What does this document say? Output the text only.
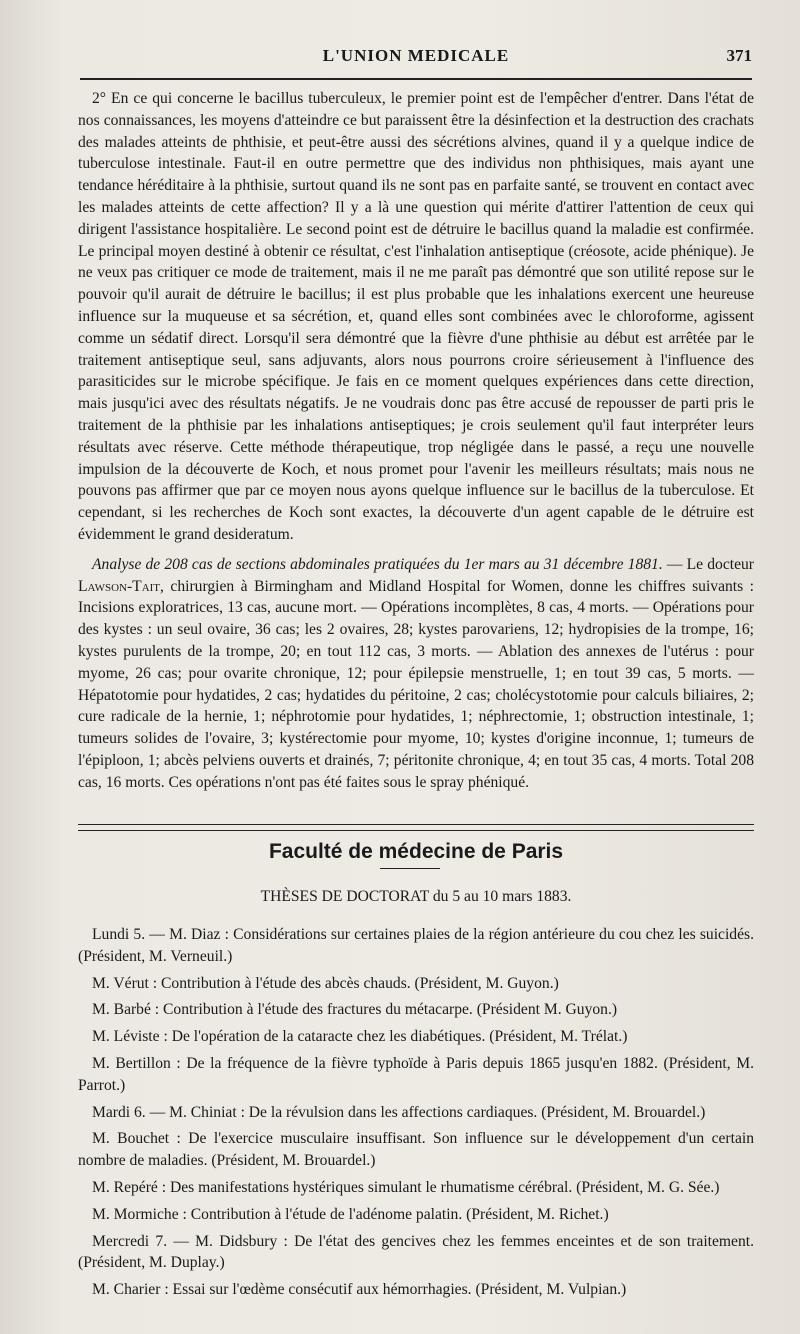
L'UNION MEDICALE	371

2° En ce qui concerne le bacillus tuberculeux, le premier point est de l'empêcher d'entrer. Dans l'état de nos connaissances, les moyens d'atteindre ce but paraissent être la désinfection et la destruction des crachats des malades atteints de phthisie, et peut-être aussi des sécrétions alvines, quand il y a quelque indice de tuberculose intestinale. Faut-il en outre permettre que des individus non phthisiques, mais ayant une tendance héréditaire à la phthisie, surtout quand ils ne sont pas en parfaite santé, se trouvent en contact avec les malades atteints de cette affection? Il y a là une question qui mérite d'attirer l'attention de ceux qui dirigent l'assistance hospitalière. Le second point est de détruire le bacillus quand la maladie est confirmée. Le principal moyen destiné à obtenir ce résultat, c'est l'inhalation antiseptique (créosote, acide phénique). Je ne veux pas critiquer ce mode de traitement, mais il ne me paraît pas démontré que son utilité repose sur le pouvoir qu'il aurait de détruire le bacillus; il est plus probable que les inhalations exercent une heureuse influence sur la muqueuse et sa sécrétion, et, quand elles sont combinées avec le chloroforme, agissent comme un sédatif direct. Lorsqu'il sera démontré que la fièvre d'une phthisie au début est arrêtée par le traitement antiseptique seul, sans adjuvants, alors nous pourrons croire sérieusement à l'influence des parasiticides sur le microbe spécifique. Je fais en ce moment quelques expériences dans cette direction, mais jusqu'ici avec des résultats négatifs. Je ne voudrais donc pas être accusé de repousser de parti pris le traitement de la phthisie par les inhalations antiseptiques; je crois seulement qu'il faut interpréter leurs résultats avec réserve. Cette méthode thérapeutique, trop négligée dans le passé, a reçu une nouvelle impulsion de la découverte de Koch, et nous promet pour l'avenir les meilleurs résultats; mais nous ne pouvons pas affirmer que par ce moyen nous ayons quelque influence sur le bacillus de la tuberculose. Et cependant, si les recherches de Koch sont exactes, la découverte d'un agent capable de le détruire est évidemment le grand desideratum.

Analyse de 208 cas de sections abdominales pratiquées du 1er mars au 31 décembre 1881. — Le docteur Lawson-Tait, chirurgien à Birmingham and Midland Hospital for Women, donne les chiffres suivants : Incisions exploratrices, 13 cas, aucune mort. — Opérations incomplètes, 8 cas, 4 morts. — Opérations pour des kystes : un seul ovaire, 36 cas; les 2 ovaires, 28; kystes parovariens, 12; hydropisies de la trompe, 16; kystes purulents de la trompe, 20; en tout 112 cas, 3 morts. — Ablation des annexes de l'utérus : pour myome, 26 cas; pour ovarite chronique, 12; pour épilepsie menstruelle, 1; en tout 39 cas, 5 morts. — Hépatotomie pour hydatides, 2 cas; hydatides du péritoine, 2 cas; cholécystotomie pour calculs biliaires, 2; cure radicale de la hernie, 1; néphrotomie pour hydatides, 1; néphrectomie, 1; obstruction intestinale, 1; tumeurs solides de l'ovaire, 3; kystérectomie pour myome, 10; kystes d'origine inconnue, 1; tumeurs de l'épiploon, 1; abcès pelviens ouverts et drainés, 7; péritonite chronique, 4; en tout 35 cas, 4 morts. Total 208 cas, 16 morts. Ces opérations n'ont pas été faites sous le spray phéniqué.

Faculté de médecine de Paris
THÈSES DE DOCTORAT du 5 au 10 mars 1883.

Lundi 5. — M. Diaz : Considérations sur certaines plaies de la région antérieure du cou chez les suicidés. (Président, M. Verneuil.)

M. Vérut : Contribution à l'étude des abcès chauds. (Président, M. Guyon.)

M. Barbé : Contribution à l'étude des fractures du métacarpe. (Président M. Guyon.)

M. Léviste : De l'opération de la cataracte chez les diabétiques. (Président, M. Trélat.)

M. Bertillon : De la fréquence de la fièvre typhoïde à Paris depuis 1865 jusqu'en 1882. (Président, M. Parrot.)

Mardi 6. — M. Chiniat : De la révulsion dans les affections cardiaques. (Président, M. Brouardel.)

M. Bouchet : De l'exercice musculaire insuffisant. Son influence sur le développement d'un certain nombre de maladies. (Président, M. Brouardel.)

M. Repéré : Des manifestations hystériques simulant le rhumatisme cérébral. (Président, M. G. Sée.)

M. Mormiche : Contribution à l'étude de l'adénome palatin. (Président, M. Richet.)

Mercredi 7. — M. Didsbury : De l'état des gencives chez les femmes enceintes et de son traitement. (Président, M. Duplay.)

M. Charier : Essai sur l'œdème consécutif aux hémorrhagies. (Président, M. Vulpian.)
